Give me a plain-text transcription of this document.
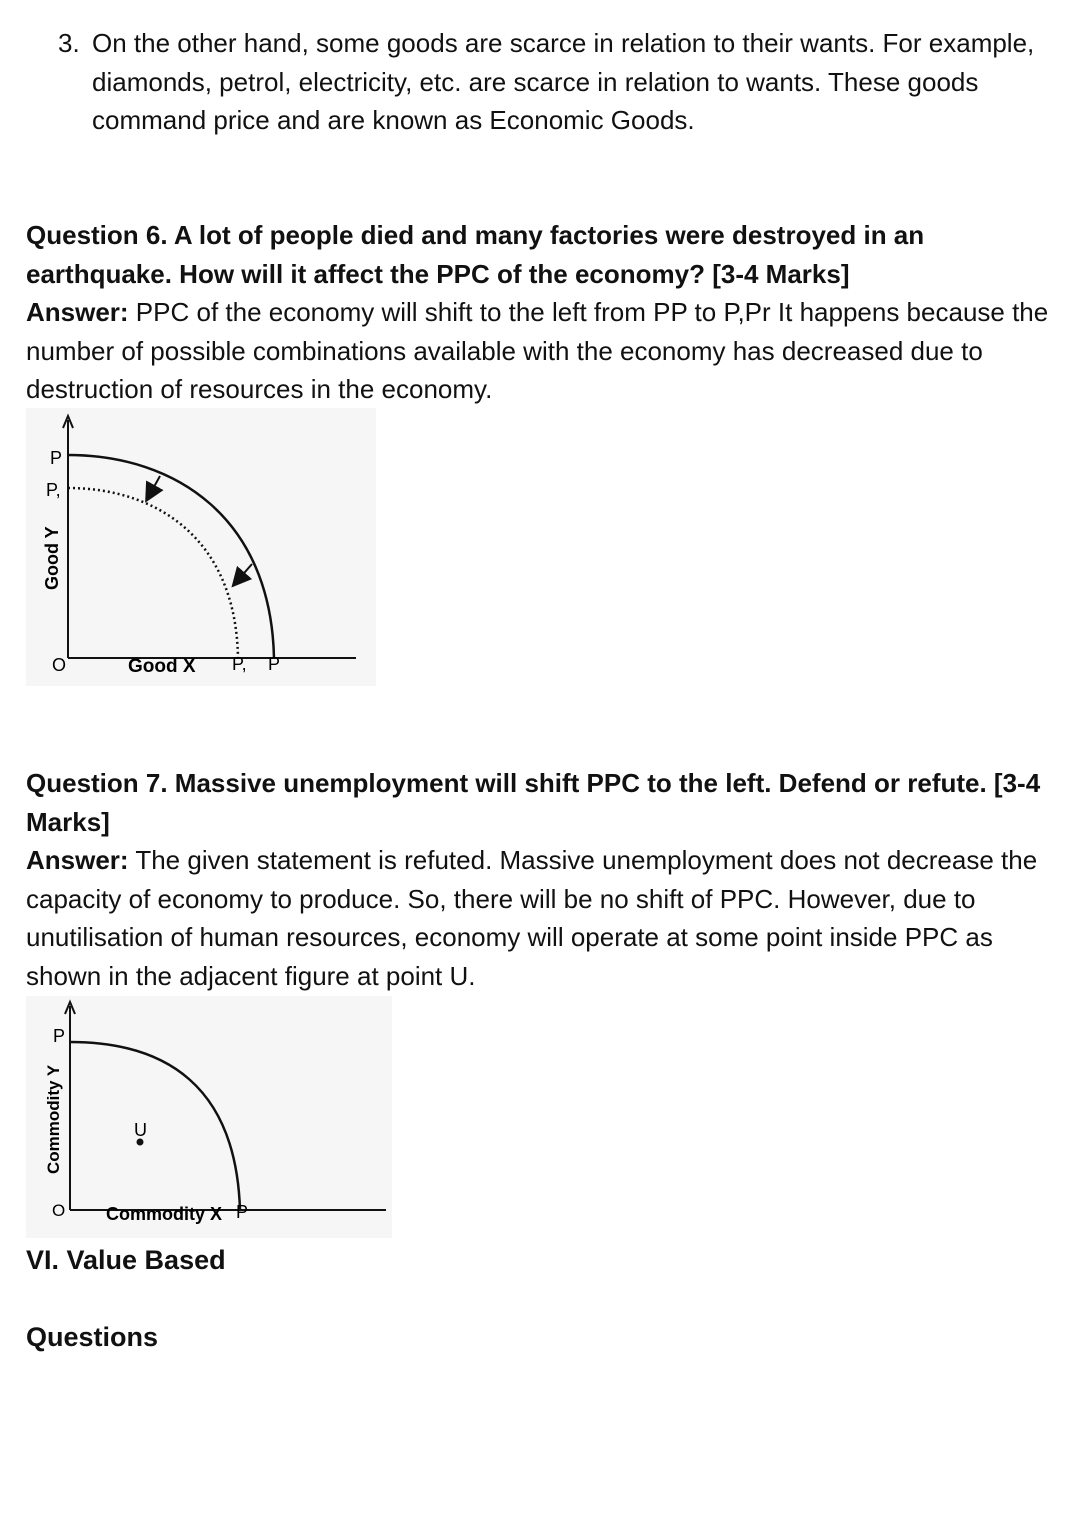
3. On the other hand, some goods are scarce in relation to their wants. For example, diamonds, petrol, electricity, etc. are scarce in relation to wants. These goods command price and are known as Economic Goods.
Question 6. A lot of people died and many factories were destroyed in an earthquake. How will it affect the PPC of the economy? [3-4 Marks]
Answer: PPC of the economy will shift to the left from PP to P,Pr It happens because the number of possible combinations available with the economy has decreased due to destruction of resources in the economy.
P
P,
O	Good X P, P
Good Y
Question 7. Massive unemployment will shift PPC to the left. Defend or refute. [3-4 Marks]
Answer: The given statement is refuted. Massive unemployment does not decrease the capacity of economy to produce. So, there will be no shift of PPC. However, due to unutilisation of human resources, economy will operate at some point inside PPC as shown in the adjacent figure at point U.
U
P
O Commodity X P
Commodity Y
VI. Value Based
Questions
